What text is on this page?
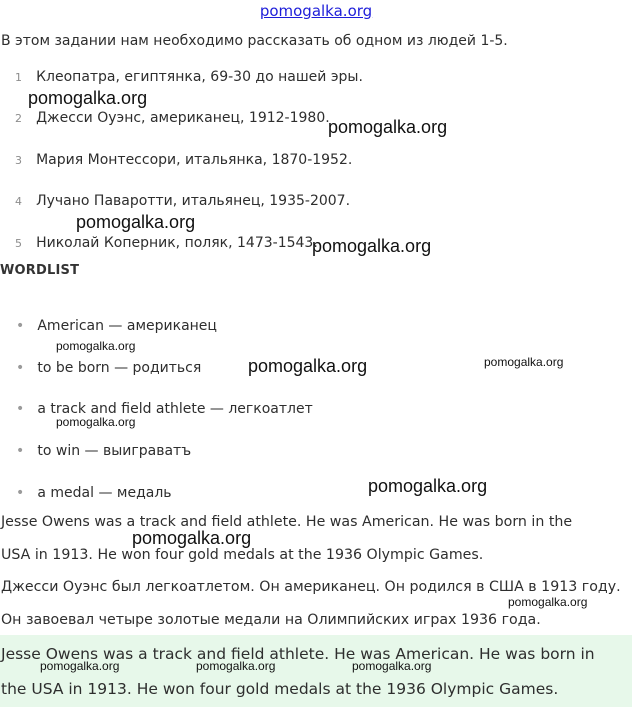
pomogalka.org
В этом задании нам необходимо рассказать об одном из людей 1-5.
1 Клеопатра, египтянка, 69-30 до нашей эры.
2 Джесси Оуэнс, американец, 1912-1980.
3 Мария Монтессори, итальянка, 1870-1952.
4 Лучано Паваротти, итальянец, 1935-2007.
5 Николай Коперник, поляк, 1473-1543.
WORDLIST
• American — американец
• to be born — родиться
• a track and field athlete — легкоатлет
• to win — выиграватъ
• a medal — медаль
Jesse Owens was a track and field athlete. He was American. He was born in the
USA in 1913. He won four gold medals at the 1936 Olympic Games.
Джесси Оуэнс был легкоатлетом. Он американец. Он родился в США в 1913 году.
Он завоевал четыре золотые медали на Олимпийских играх 1936 года.
Jesse Owens was a track and field athlete. He was American. He was born in
the USA in 1913. He won four gold medals at the 1936 Olympic Games.
pomogalka.org
pomogalka.org
pomogalka.org
pomogalka.org
pomogalka.org
pomogalka.org	pomogalka.org
pomogalka.org
pomogalka.org
pomogalka.org
pomogalka.org
pomogalka.org	pomogalka.org	pomogalka.org
